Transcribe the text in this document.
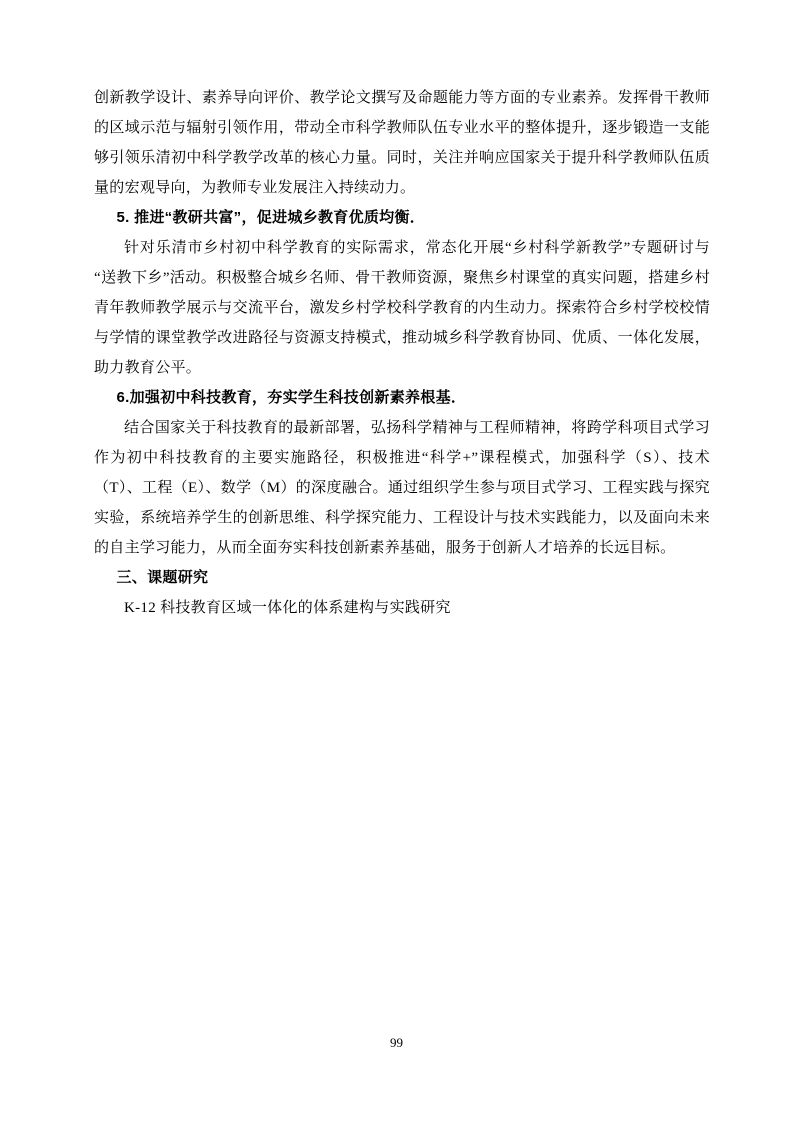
创新教学设计、素养导向评价、教学论文撰写及命题能力等方面的专业素养。发挥骨干教师的区域示范与辐射引领作用，带动全市科学教师队伍专业水平的整体提升，逐步锻造一支能够引领乐清初中科学教学改革的核心力量。同时，关注并响应国家关于提升科学教师队伍质量的宏观导向，为教师专业发展注入持续动力。

5. 推进“教研共富”，促进城乡教育优质均衡．

针对乐清市乡村初中科学教育的实际需求，常态化开展“乡村科学新教学”专题研讨与“送教下乡”活动。积极整合城乡名师、骨干教师资源，聚焦乡村课堂的真实问题，搭建乡村青年教师教学展示与交流平台，激发乡村学校科学教育的内生动力。探索符合乡村学校校情与学情的课堂教学改进路径与资源支持模式，推动城乡科学教育协同、优质、一体化发展，助力教育公平。

6.加强初中科技教育，夯实学生科技创新素养根基．

结合国家关于科技教育的最新部署，弘扬科学精神与工程师精神，将跨学科项目式学习作为初中科技教育的主要实施路径，积极推进“科学+”课程模式，加强科学（S）、技术（T）、工程（E）、数学（M）的深度融合。通过组织学生参与项目式学习、工程实践与探究实验，系统培养学生的创新思维、科学探究能力、工程设计与技术实践能力，以及面向未来的自主学习能力，从而全面夯实科技创新素养基础，服务于创新人才培养的长远目标。

三、课题研究

K-12 科技教育区域一体化的体系建构与实践研究

99
